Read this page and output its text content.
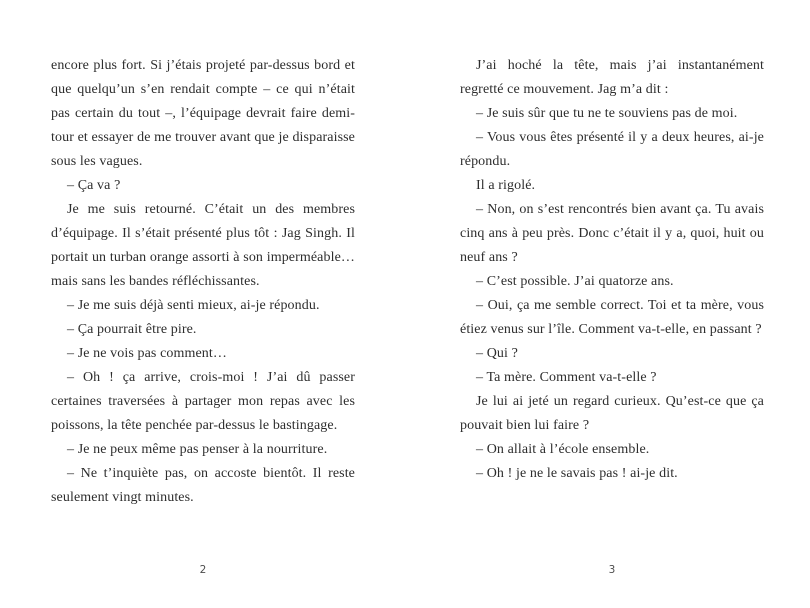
encore plus fort. Si j’étais projeté par-dessus bord et que quelqu’un s’en rendait compte – ce qui n’était pas certain du tout –, l’équipage devrait faire demi-tour et essayer de me trouver avant que je disparaisse sous les vagues.

– Ça va ?

Je me suis retourné. C’était un des membres d’équipage. Il s’était présenté plus tôt : Jag Singh. Il portait un turban orange assorti à son imperméable… mais sans les bandes réfléchissantes.

– Je me suis déjà senti mieux, ai-je répondu.

– Ça pourrait être pire.

– Je ne vois pas comment…

– Oh ! ça arrive, crois-moi ! J’ai dû passer certaines traversées à partager mon repas avec les poissons, la tête penchée par-dessus le bastingage.

– Je ne peux même pas penser à la nourriture.

– Ne t’inquiète pas, on accoste bientôt. Il reste seulement vingt minutes.

J’ai hoché la tête, mais j’ai instantanément regretté ce mouvement. Jag m’a dit :

– Je suis sûr que tu ne te souviens pas de moi.

– Vous vous êtes présenté il y a deux heures, ai-je répondu.

Il a rigolé.

– Non, on s’est rencontrés bien avant ça. Tu avais cinq ans à peu près. Donc c’était il y a, quoi, huit ou neuf ans ?

– C’est possible. J’ai quatorze ans.

– Oui, ça me semble correct. Toi et ta mère, vous étiez venus sur l’île. Comment va-t-elle, en passant ?

– Qui ?

– Ta mère. Comment va-t-elle ?

Je lui ai jeté un regard curieux. Qu’est-ce que ça pouvait bien lui faire ?

– On allait à l’école ensemble.

– Oh ! je ne le savais pas ! ai-je dit.

2	3
